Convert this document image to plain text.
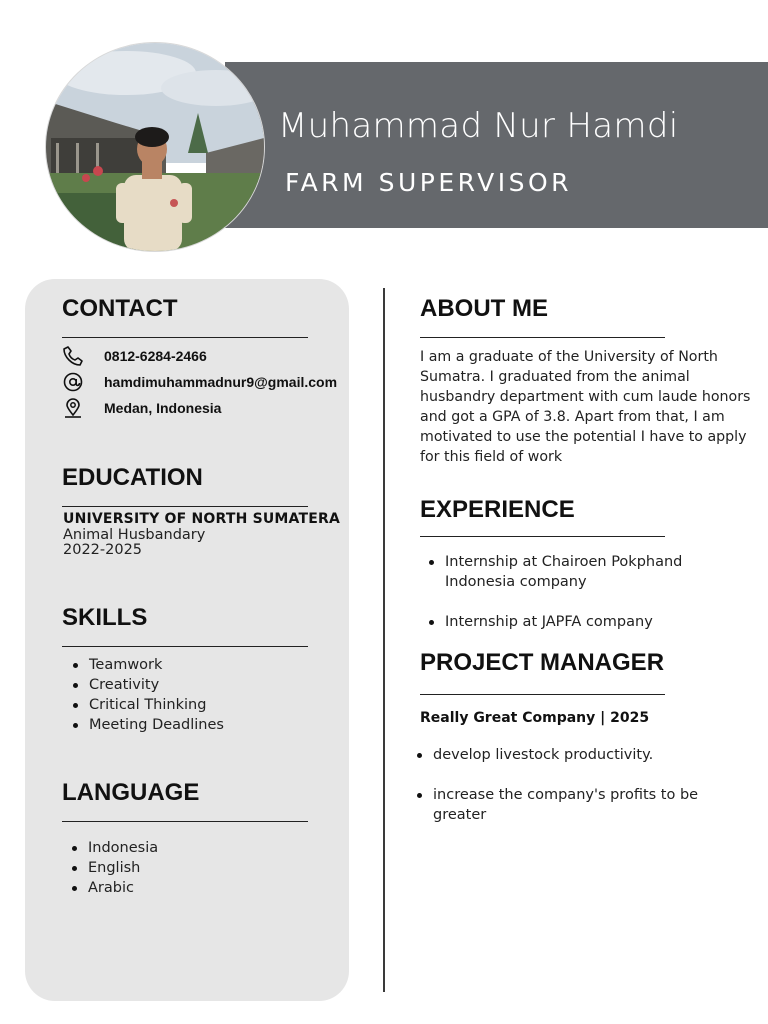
Muhammad Nur Hamdi
FARM SUPERVISOR
CONTACT
0812-6284-2466
hamdimuhammadnur9@gmail.com
Medan, Indonesia
EDUCATION
UNIVERSITY OF NORTH SUMATERA
Animal Husbandary
2022-2025
SKILLS
Teamwork
Creativity
Critical Thinking
Meeting Deadlines
LANGUAGE
Indonesia
English
Arabic
ABOUT ME
I am a graduate of the University of North Sumatra. I graduated from the animal husbandry department with cum laude honors and got a GPA of 3.8. Apart from that, I am motivated to use the potential I have to apply for this field of work
EXPERIENCE
Internship at Chairoen Pokphand Indonesia company
Internship at JAPFA company
PROJECT MANAGER
Really Great Company | 2025
develop livestock productivity.
increase the company's profits to be greater
